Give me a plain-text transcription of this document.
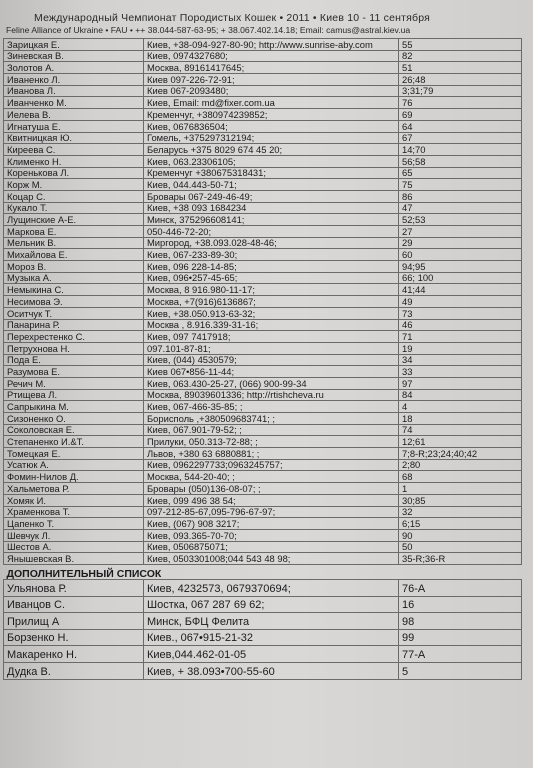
Международный Чемпионат Породистых Кошек • 2011 • Киев 10 - 11 сентября
Feline Alliance of Ukraine • FAU • ++ 38.044-587-63-95; + 38.067.402.14.18; Email: camus@astral.kiev.ua
Зарицкая Е.	Киев, +38-094-927-80-90; http://www.sunrise-aby.com	55
Зиневская В.	Киев, 0974327680;	82
Золотов А.	Москва, 89161417645;	51
Иваненко Л.	Киев 097-226-72-91;	26;48
Иванова Л.	Киев 067-2093480;	3;31;79
Иванченко М.	Киев, Email: md@fixer.com.ua	76
Иелева В.	Кременчуг, +380974239852;	69
Игнатуша Е.	Киев, 0676836504;	64
Квитницкая Ю.	Гомель, +375297312194;	67
Киреева С.	Беларусь +375 8029 674 45 20;	14;70
Клименко Н.	Киев, 063.23306105;	56;58
Кореньковa Л.	Кременчуг +380675318431;	65
Корж М.	Киев, 044.443-50-71;	75
Коцар С.	Бровары 067-249-46-49;	86
Кукало Т.	Киев, +38 093 1684234	47
Лущинские А-Е.	Минск, 375296608141;	52;53
Маркова Е.	050-446-72-20;	27
Мельник В.	Миргород, +38.093.028-48-46;	29
Михайлова Е.	Киев, 067-233-89-30;	60
Мороз В.	Киев, 096 228-14-85;	94;95
Музыка А.	Киев, 096•257-45-65;	66; 100
Немыкина С.	Москва, 8 916.980-11-17;	41;44
Несимова Э.	Москва, +7(916)6136867;	49
Оситчук Т.	Киев, +38.050.913-63-32;	73
Панарина Р.	Москва , 8.916.339-31-16;	46
Перехрестенко С.	Киев, 097 7417918;	71
Петрухнова Н.	097.101-87-81;	19
Пода Е.	Киев, (044) 4530579;	34
Разумова Е.	Киев 067•856-11-44;	33
Речич М.	Киев, 063.430-25-27, (066) 900-99-34	97
Ртищева Л.	Москва, 89039601336; http://rtishcheva.ru	84
Сапрыкина М.	Киев, 067-466-35-85; ;	4
Сизоненко О.	Борисполь ,+380509683741; ;	18
Соколовская Е.	Киев, 067.901-79-52; ;	74
Степаненко И.&Т.	Прилуки, 050.313-72-88; ;	12;61
Томецкая Е.	Львов, +380 63 6880881; ;	7;8-R;23;24;40;42
Усатюк А.	Киев, 0962297733;0963245757;	2;80
Фомин-Нилов Д.	Москва, 544-20-40; ;	68
Хальметова Р.	Бровары (050)136-08-07; ;	1
Хомяк И.	Киев, 099 496 38 54;	30;85
Храменкова Т.	097-212-85-67,095-796-67-97;	32
Цапенко Т.	Киев, (067) 908 3217;	6;15
Шевчук Л.	Киев, 093.365-70-70;	90
Шестов А.	Киев, 0506875071;	50
Янышевская В.	Киев, 0503301008;044 543 48 98;	35-R;36-R
ДОПОЛНИТЕЛЬНЫЙ СПИСОК		
Ульянова Р.	Киев, 4232573, 0679370694;	76-A
Иванцов С.	Шостка, 067 287 69 62;	16
Прилищ А	Минск, БФЦ Фелита	98
Борзенко Н.	Киев., 067•915-21-32	99
Макаренко Н.	Киев,044.462-01-05	77-A
Дудка В.	Киев, + 38.093•700-55-60	5
